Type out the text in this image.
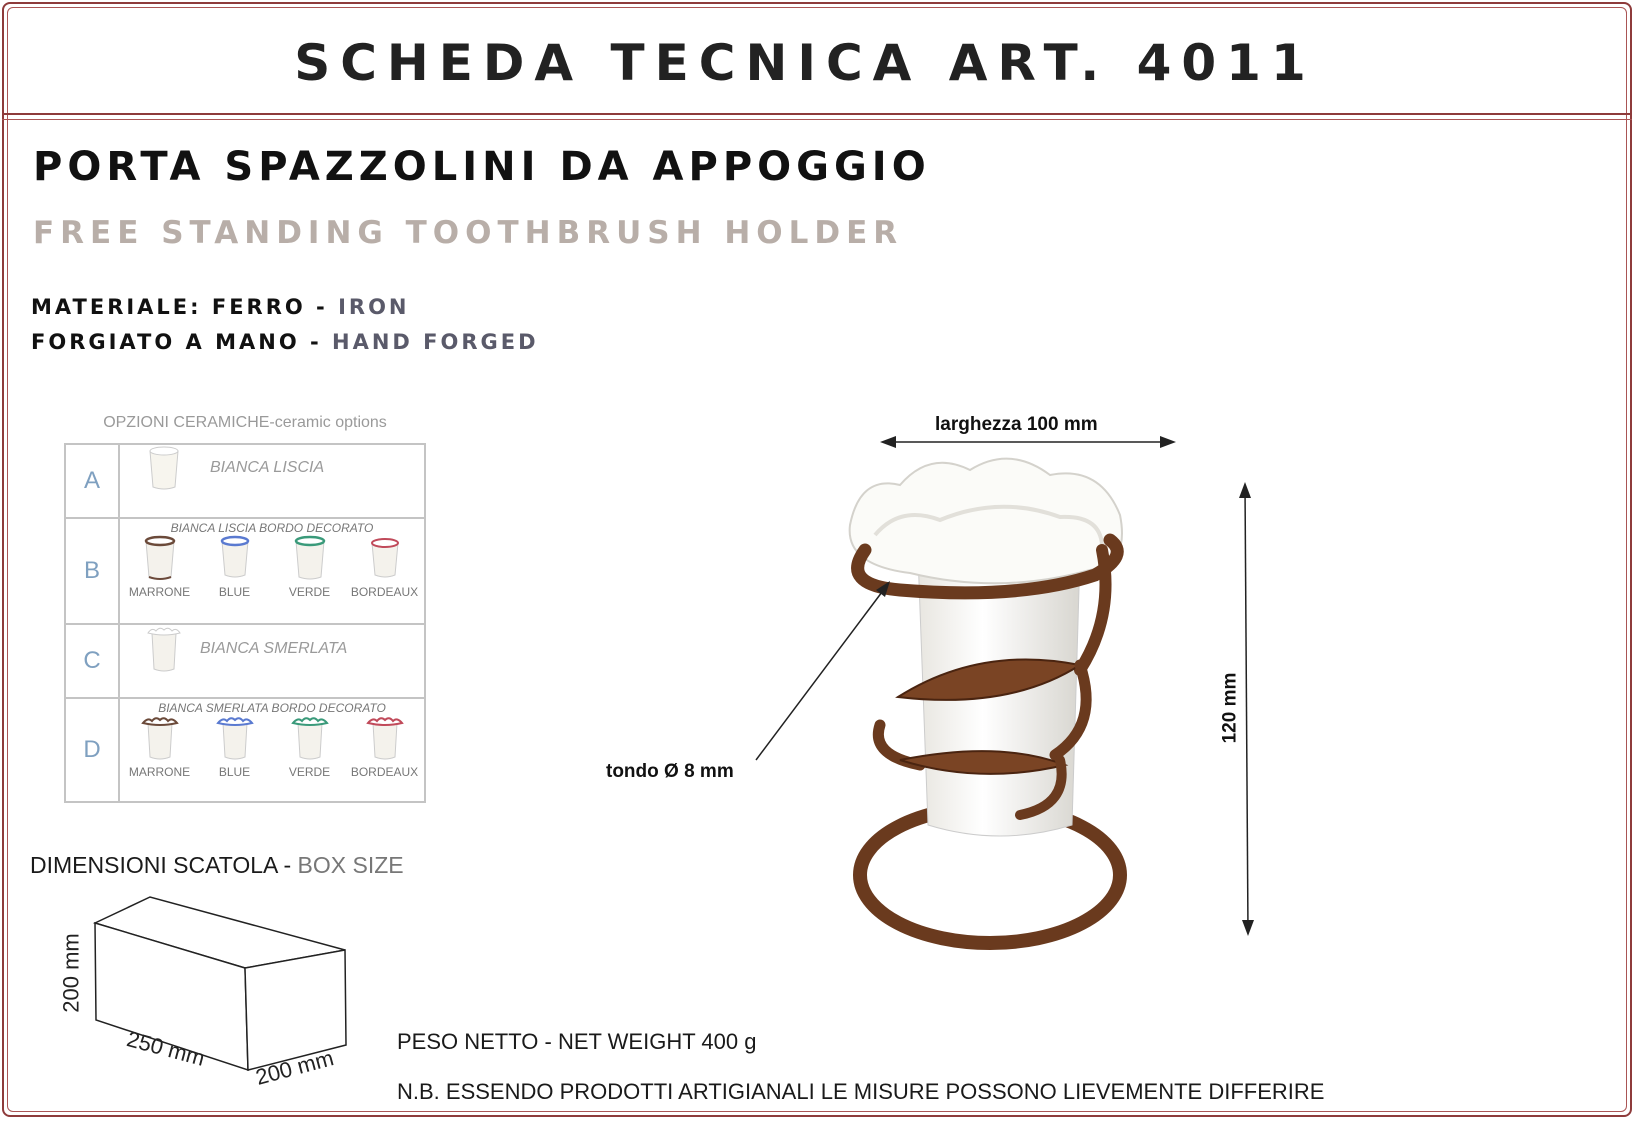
SCHEDA TECNICA ART. 4011
PORTA SPAZZOLINI DA APPOGGIO
FREE STANDING TOOTHBRUSH HOLDER
MATERIALE: FERRO - IRON
FORGIATO A MANO - HAND FORGED
OPZIONI CERAMICHE-ceramic options
A	BIANCA LISCIA

B	BIANCA LISCIA BORDO DECORATO
MARRONE BLUE VERDE BORDEAUX

C	BIANCA SMERLATA

D	BIANCA SMERLATA BORDO DECORATO
MARRONE BLUE VERDE BORDEAUX
DIMENSIONI SCATOLA - BOX SIZE
200 mm
250 mm 200 mm
larghezza 100 mm
120 mm
tondo Ø 8 mm
PESO NETTO - NET WEIGHT 400 g
N.B. ESSENDO PRODOTTI ARTIGIANALI LE MISURE POSSONO LIEVEMENTE DIFFERIRE
